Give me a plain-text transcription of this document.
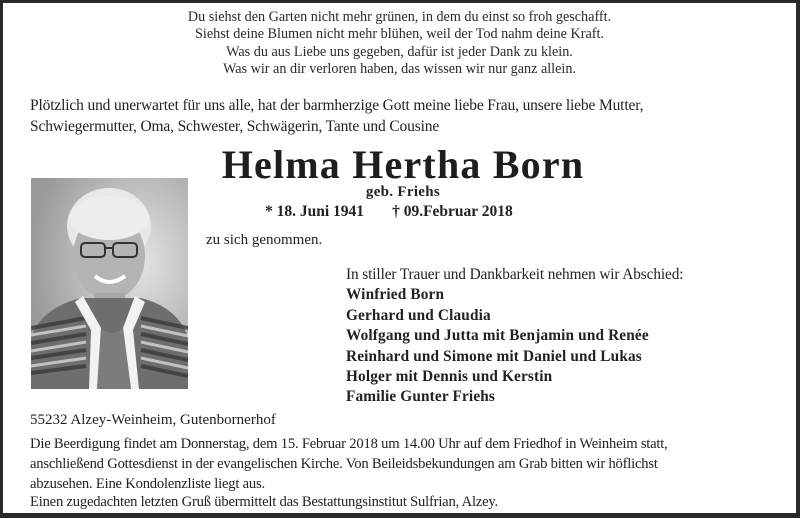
Du siehst den Garten nicht mehr grünen, in dem du einst so froh geschafft.
Siehst deine Blumen nicht mehr blühen, weil der Tod nahm deine Kraft.
Was du aus Liebe uns gegeben, dafür ist jeder Dank zu klein.
Was wir an dir verloren haben, das wissen wir nur ganz allein.
Plötzlich und unerwartet für uns alle, hat der barmherzige Gott meine liebe Frau, unsere liebe Mutter,
Schwiegermutter, Oma, Schwester, Schwägerin, Tante und Cousine
Helma Hertha Born
geb. Friehs
* 18. Juni 1941 † 09.Februar 2018
zu sich genommen.
In stiller Trauer und Dankbarkeit nehmen wir Abschied:
Winfried Born
Gerhard und Claudia
Wolfgang und Jutta mit Benjamin und Renée
Reinhard und Simone mit Daniel und Lukas
Holger mit Dennis und Kerstin
Familie Gunter Friehs
55232 Alzey-Weinheim, Gutenbornerhof
Die Beerdigung findet am Donnerstag, dem 15. Februar 2018 um 14.00 Uhr auf dem Friedhof in Weinheim statt,
anschließend Gottesdienst in der evangelischen Kirche. Von Beileidsbekundungen am Grab bitten wir höflichst
abzusehen. Eine Kondolenzliste liegt aus.
Einen zugedachten letzten Gruß übermittelt das Bestattungsinstitut Sulfrian, Alzey.
